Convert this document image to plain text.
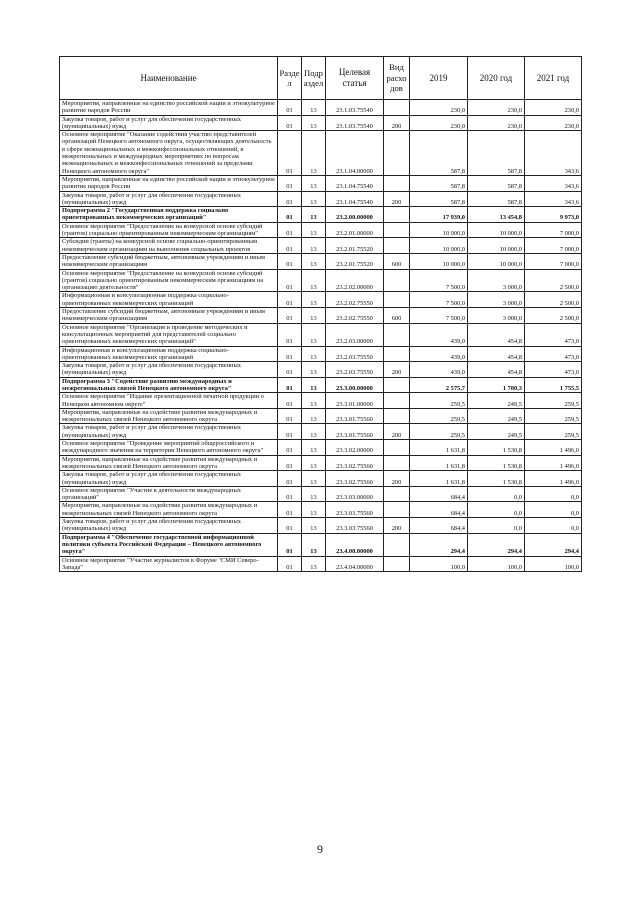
Наименование	Разде л	Подр аздел	Целевая статья	Вид расхо дов	2019	2020 год	2021 год
Мероприятия, направленные на единство российской нации и этнокультурное развитие народов России	01	13	23.1.03.75540		230,0	230,0	230,0
Закупка товаров, работ и услуг для обеспечения государственных (муниципальных) нужд	01	13	23.1.03.75540	200	230,0	230,0	230,0
Основное мероприятие "Оказание содействия участию представителей организаций Ненецкого автономного округа, осуществляющих деятельность в сфере межнациональных и межконфессиональных отношений, в межрегиональных и международных мероприятиях по вопросам межнациональных и межконфессиональных отношений за пределами Ненецкого автономного округа"	01	13	23.1.04.00000		587,8	587,8	343,6
Мероприятия, направленные на единство российской нации и этнокультурное развитие народов России	01	13	23.1.04.75540		587,8	587,8	343,6
Закупка товаров, работ и услуг для обеспечения государственных (муниципальных) нужд	01	13	23.1.04.75540	200	587,8	587,8	343,6
Подпрограмма 2 "Государственная поддержка социально ориентированных некоммерческих организаций"	01	13	23.2.00.00000		17 939,0	13 454,8	9 973,0
Основное мероприятие "Предоставление на конкурсной основе субсидий (грантов) социально ориентированным некоммерческим организациям"	01	13	23.2.01.00000		10 000,0	10 000,0	7 000,0
Субсидии (гранты) на конкурсной основе социально-ориентированным некоммерческим организациям на выполнение социальных проектов	01	13	23.2.01.75520		10 000,0	10 000,0	7 000,0
Предоставление субсидий бюджетным, автономным учреждениям и иным некоммерческим организациям	01	13	23.2.01.75520	600	10 000,0	10 000,0	7 000,0
Основное мероприятие "Предоставление на конкурсной основе субсидий (грантов) социально ориентированным некоммерческим организациям на организацию деятельности"	01	13	23.2.02.00000		7 500,0	3 000,0	2 500,0
Информационная и консультационная поддержка социально-ориентированных некоммерческих организаций	01	13	23.2.02.75550		7 500,0	3 000,0	2 500,0
Предоставление субсидий бюджетным, автономным учреждениям и иным некоммерческим организациям	01	13	23.2.02.75550	600	7 500,0	3 000,0	2 500,0
Основное мероприятие "Организация и проведение методических и консультационных мероприятий для представителей социально ориентированных некоммерческих организаций"	01	13	23.2.03.00000		439,0	454,8	473,0
Информационная и консультационная поддержка социально-ориентированных некоммерческих организаций	01	13	23.2.03.75550		439,0	454,8	473,0
Закупка товаров, работ и услуг для обеспечения государственных (муниципальных) нужд	01	13	23.2.03.75550	200	439,0	454,8	473,0
Подпрограмма 3 "Содействие развитию международных и межрегиональных связей Ненецкого автономного округа"	01	13	23.3.00.00000		2 575,7	1 780,3	1 755,5
Основное мероприятие "Издание презентационной печатной продукции о Ненецком автономном округе"	01	13	23.3.01.00000		259,5	249,5	259,5
Мероприятия, направленные на содействие развития международных и межрегиональных связей Ненецкого автономного округа	01	13	23.3.01.75560		259,5	249,5	259,5
Закупка товаров, работ и услуг для обеспечения государственных (муниципальных) нужд	01	13	23.3.01.75560	200	259,5	249,5	259,5
Основное мероприятие "Проведение мероприятий общероссийского и международного значения на территории Ненецкого автономного округа"	01	13	23.3.02.00000		1 631,8	1 530,8	1 496,0
Мероприятия, направленные на содействие развития международных и межрегиональных связей Ненецкого автономного округа	01	13	23.3.02.75560		1 631,8	1 530,8	1 496,0
Закупка товаров, работ и услуг для обеспечения государственных (муниципальных) нужд	01	13	23.3.02.75560	200	1 631,8	1 530,8	1 496,0
Основное мероприятие "Участие в деятельности международных организаций"	01	13	23.3.03.00000		684,4	0,0	0,0
Мероприятия, направленные на содействие развития международных и межрегиональных связей Ненецкого автономного округа	01	13	23.3.03.75560		684,4	0,0	0,0
Закупка товаров, работ и услуг для обеспечения государственных (муниципальных) нужд	01	13	23.3.03.75560	200	684,4	0,0	0,0
Подпрограмма 4 "Обеспечение государственной информационной политики субъекта Российской Федерации – Ненецкого автономного округа"	01	13	23.4.00.00000		294,4	294,4	294,4
Основное мероприятие "Участие журналистов в Форуме "СМИ Северо-Запада"	01	13	23.4.04.00000		100,0	100,0	100,0
9
